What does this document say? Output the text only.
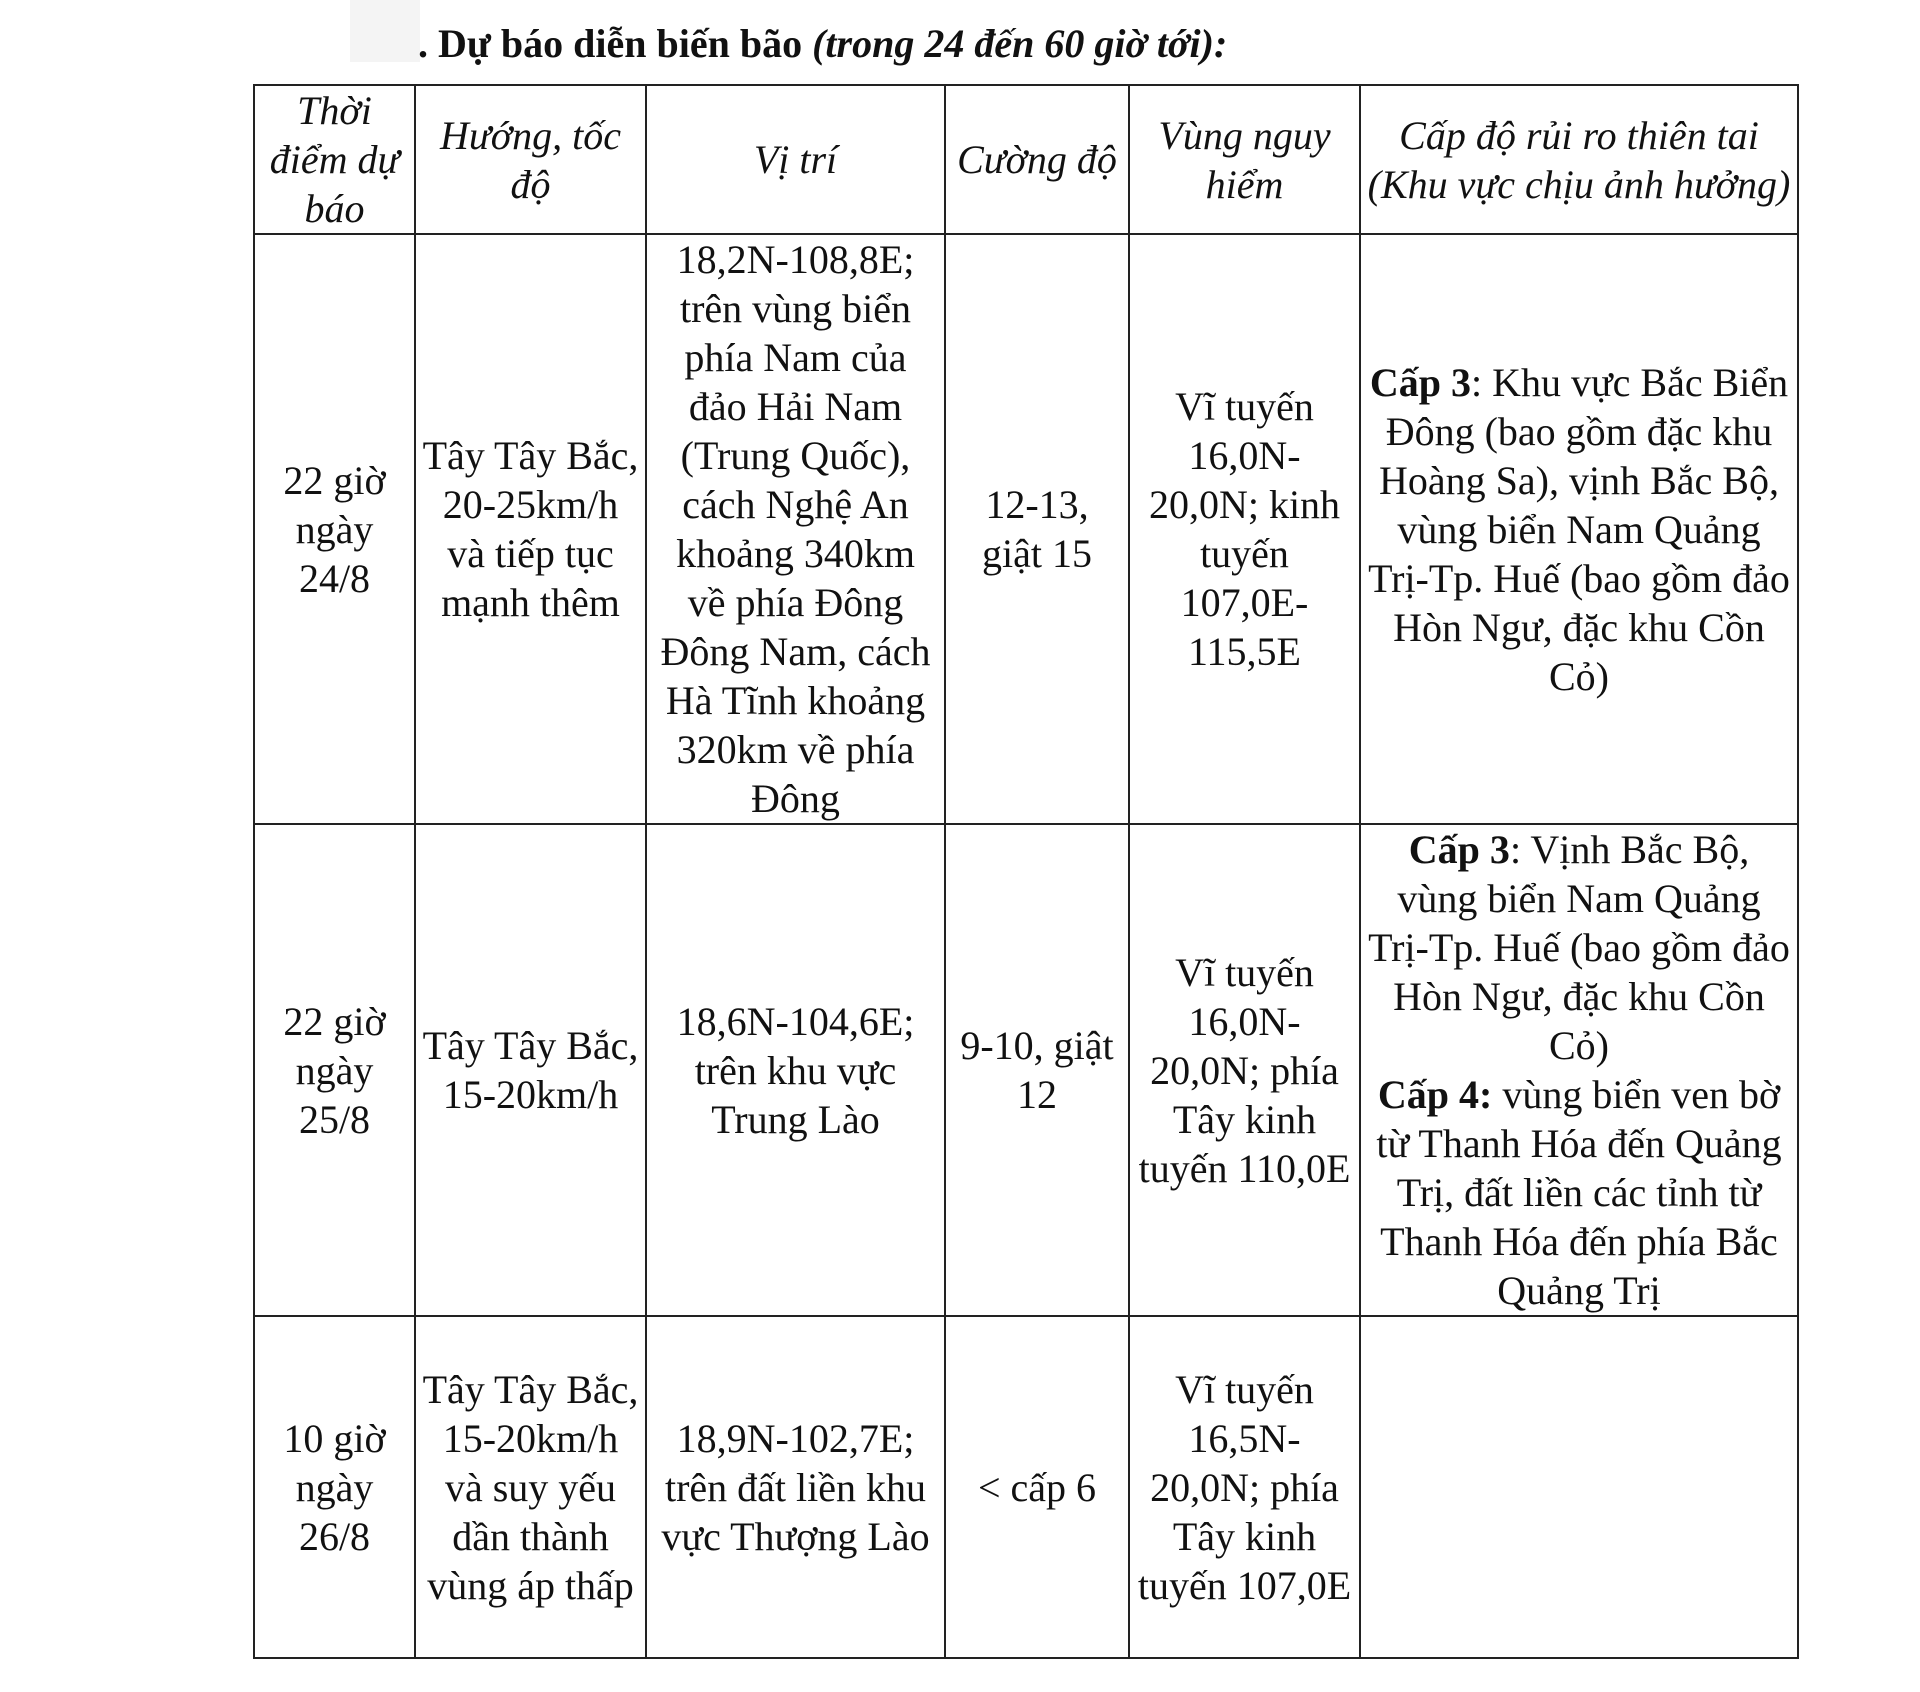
. Dự báo diễn biến bão (trong 24 đến 60 giờ tới):
Thời điểm dự báo	Hướng, tốc độ	Vị trí	Cường độ	Vùng nguy hiểm	Cấp độ rủi ro thiên tai (Khu vực chịu ảnh hưởng)
22 giờ ngày 24/8	Tây Tây Bắc, 20-25km/h và tiếp tục mạnh thêm	18,2N-108,8E; trên vùng biển phía Nam của đảo Hải Nam (Trung Quốc), cách Nghệ An khoảng 340km về phía Đông Đông Nam, cách Hà Tĩnh khoảng 320km về phía Đông	12-13, giật 15	Vĩ tuyến 16,0N-20,0N; kinh tuyến 107,0E-115,5E	Cấp 3: Khu vực Bắc Biển Đông (bao gồm đặc khu Hoàng Sa), vịnh Bắc Bộ, vùng biển Nam Quảng Trị-Tp. Huế (bao gồm đảo Hòn Ngư, đặc khu Cồn Cỏ)

22 giờ ngày 25/8	Tây Tây Bắc, 15-20km/h	18,6N-104,6E; trên khu vực Trung Lào	9-10, giật 12	Vĩ tuyến 16,0N-20,0N; phía Tây kinh tuyến 110,0E	Cấp 3: Vịnh Bắc Bộ, vùng biển Nam Quảng Trị-Tp. Huế (bao gồm đảo Hòn Ngư, đặc khu Cồn Cỏ)
Cấp 4: vùng biển ven bờ từ Thanh Hóa đến Quảng Trị, đất liền các tỉnh từ Thanh Hóa đến phía Bắc Quảng Trị

10 giờ ngày 26/8	Tây Tây Bắc, 15-20km/h và suy yếu dần thành vùng áp thấp	18,9N-102,7E; trên đất liền khu vực Thượng Lào	< cấp 6	Vĩ tuyến 16,5N-20,0N; phía Tây kinh tuyến 107,0E	
